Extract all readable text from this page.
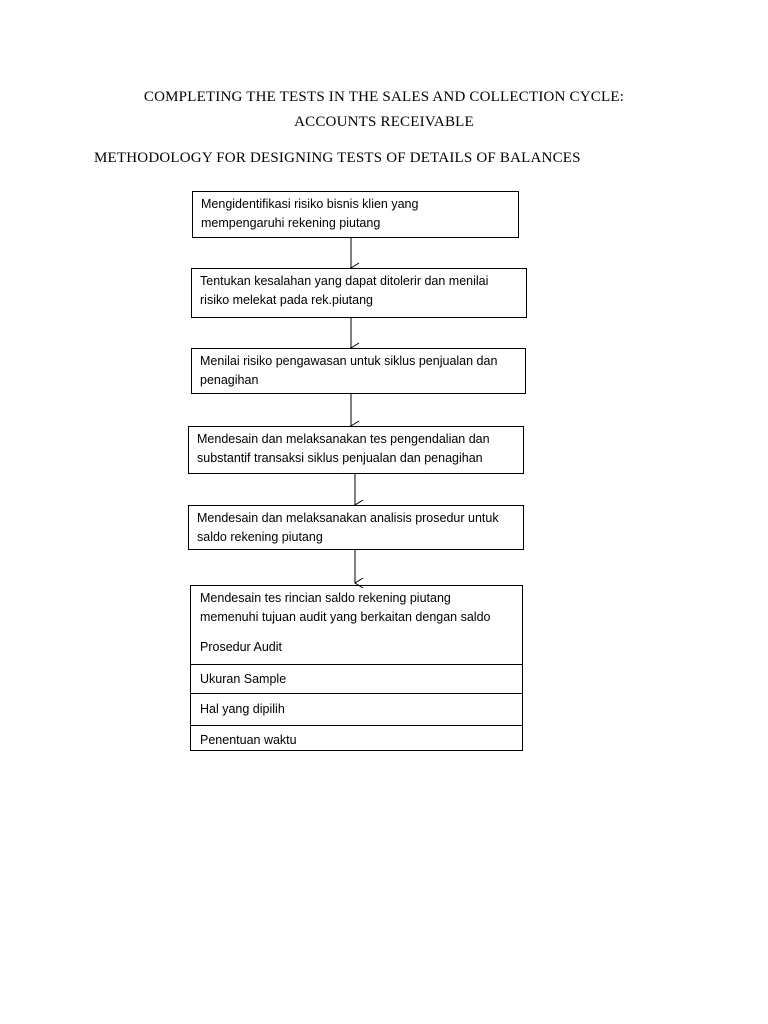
COMPLETING THE TESTS IN THE SALES AND COLLECTION CYCLE:
ACCOUNTS RECEIVABLE
METHODOLOGY FOR DESIGNING TESTS OF DETAILS OF BALANCES
Mengidentifikasi risiko bisnis klien yang
mempengaruhi rekening piutang
Tentukan kesalahan yang dapat ditolerir dan menilai
risiko melekat pada rek.piutang
Menilai risiko pengawasan untuk siklus penjualan dan
penagihan
Mendesain dan melaksanakan tes pengendalian dan
substantif transaksi siklus penjualan dan penagihan
Mendesain dan melaksanakan analisis prosedur untuk
saldo rekening piutang
Mendesain tes rincian saldo rekening piutang
memenuhi tujuan audit yang berkaitan dengan saldo
Prosedur Audit
Ukuran Sample
Hal yang dipilih
Penentuan waktu
